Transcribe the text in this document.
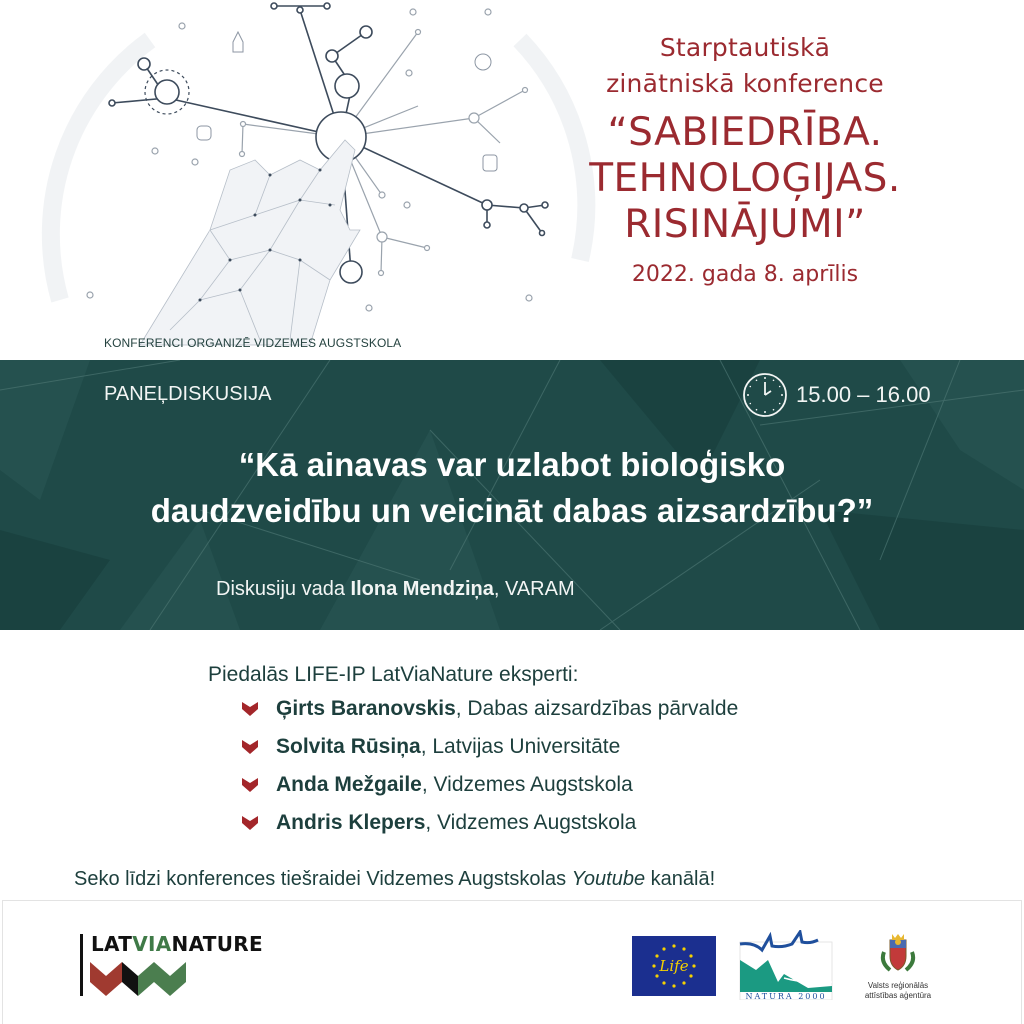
Starptautiskā
zinātniskā konference
“SABIEDRĪBA.
TEHNOLOĢIJAS.
RISINĀJUMI”
2022. gada 8. aprīlis
KONFERENCI ORGANIZĒ VIDZEMES AUGSTSKOLA
PANEĻDISKUSIJA	15.00 – 16.00
“Kā ainavas var uzlabot bioloģisko
daudzveidību un veicināt dabas aizsardzību?”
Diskusiju vada Ilona Mendziņa, VARAM
Piedalās LIFE-IP LatViaNature eksperti:
Ģirts Baranovskis, Dabas aizsardzības pārvalde
Solvita Rūsiņa, Latvijas Universitāte
Anda Mežgaile, Vidzemes Augstskola
Andris Klepers, Vidzemes Augstskola
Seko līdzi konferences tiešraidei Vidzemes Augstskolas Youtube kanālā!
LATVIANATURE
Life
NATURA 2000
Valsts reģionālās
attīstības aģentūra
